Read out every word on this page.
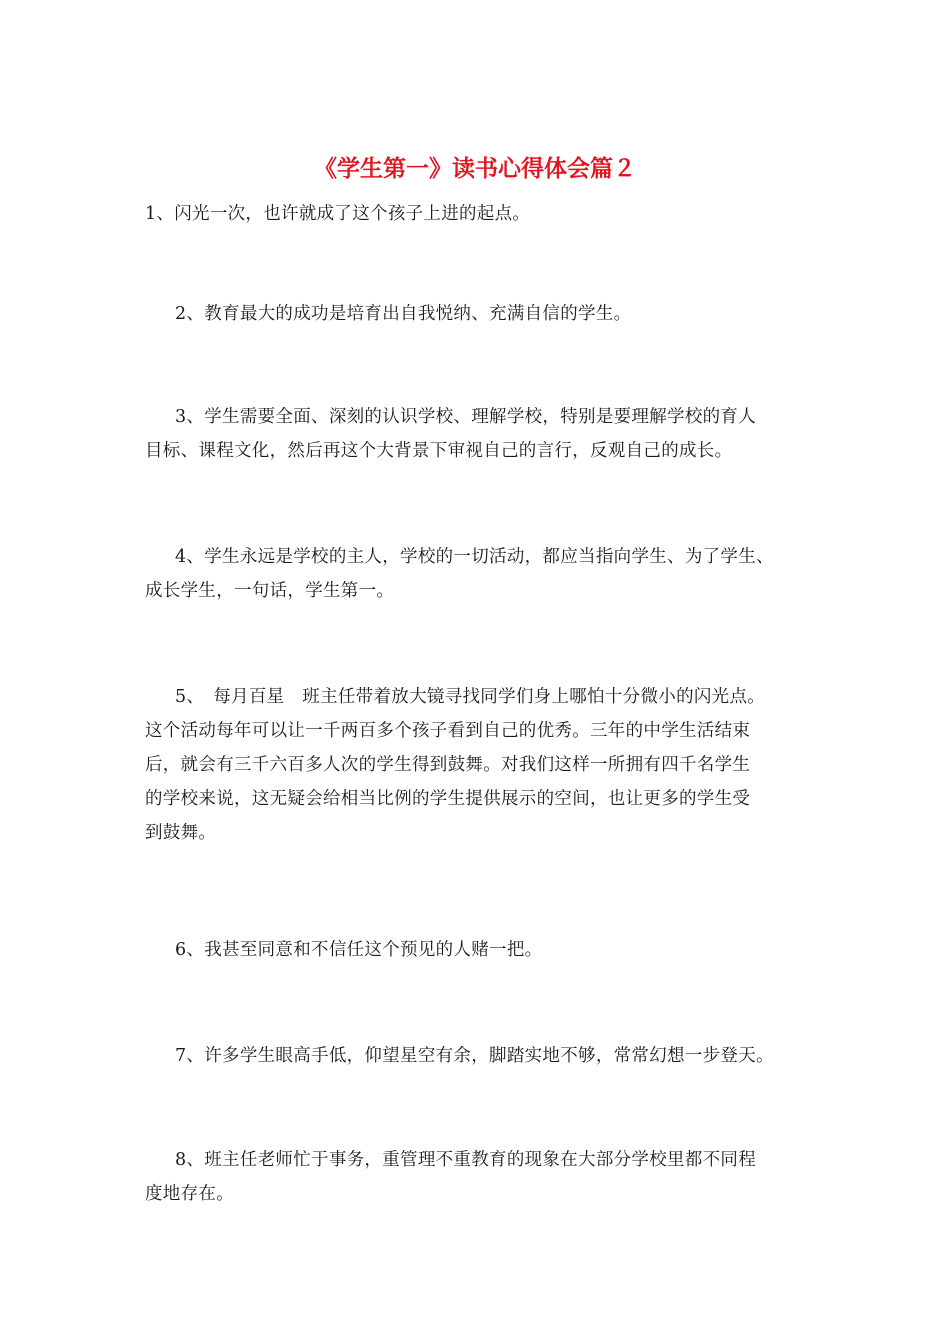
《学生第一》读书心得体会篇２

1、闪光一次，也许就成了这个孩子上进的起点。

2、教育最大的成功是培育出自我悦纳、充满自信的学生。

3、学生需要全面、深刻的认识学校、理解学校，特别是要理解学校的育人
目标、课程文化，然后再这个大背景下审视自己的言行，反观自己的成长。

4、学生永远是学校的主人，学校的一切活动，都应当指向学生、为了学生、
成长学生，一句话，学生第一。

5、　每月百星　班主任带着放大镜寻找同学们身上哪怕十分微小的闪光点。
这个活动每年可以让一千两百多个孩子看到自己的优秀。三年的中学生活结束
后，就会有三千六百多人次的学生得到鼓舞。对我们这样一所拥有四千名学生
的学校来说，这无疑会给相当比例的学生提供展示的空间，也让更多的学生受
到鼓舞。

6、我甚至同意和不信任这个预见的人赌一把。

7、许多学生眼高手低，仰望星空有余，脚踏实地不够，常常幻想一步登天。

8、班主任老师忙于事务，重管理不重教育的现象在大部分学校里都不同程
度地存在。
